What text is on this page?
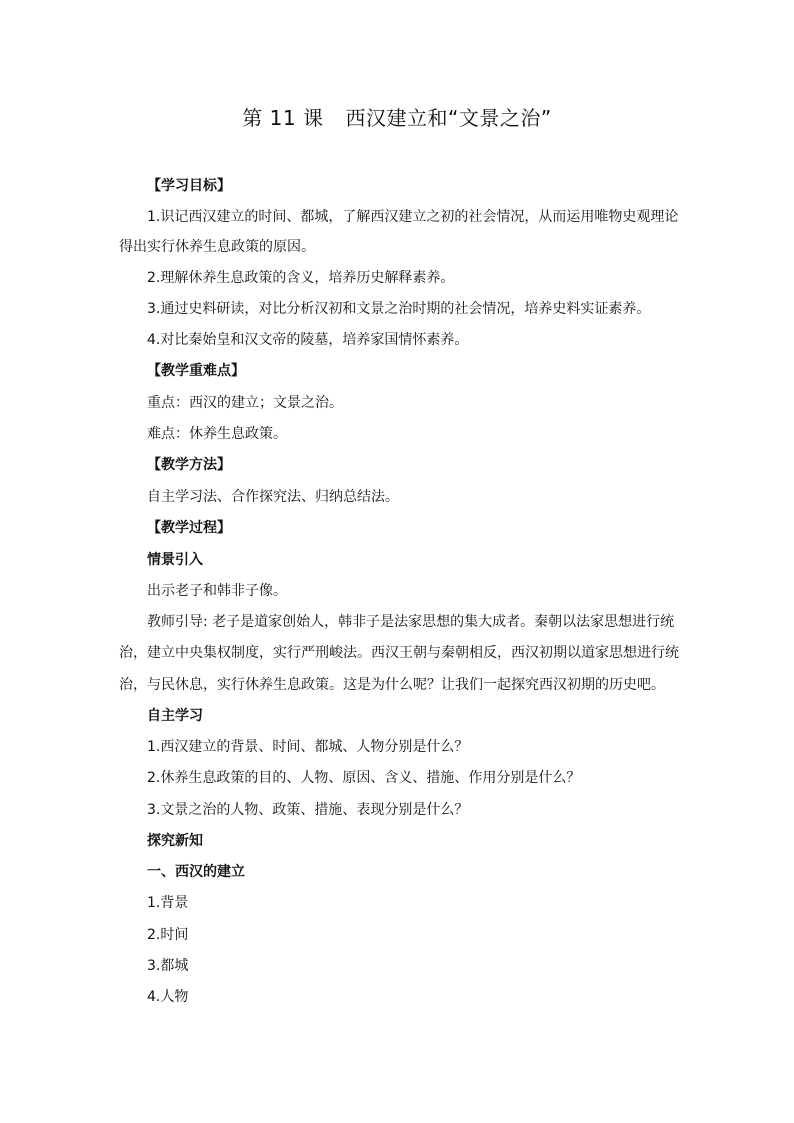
第 11 课 西汉建立和“文景之治”
【学习目标】
1.识记西汉建立的时间、都城，了解西汉建立之初的社会情况，从而运用唯物史观理论
得出实行休养生息政策的原因。
2.理解休养生息政策的含义，培养历史解释素养。
3.通过史料研读，对比分析汉初和文景之治时期的社会情况，培养史料实证素养。
4.对比秦始皇和汉文帝的陵墓，培养家国情怀素养。
【教学重难点】
重点：西汉的建立；文景之治。
难点：休养生息政策。
【教学方法】
自主学习法、合作探究法、归纳总结法。
【教学过程】
情景引入
出示老子和韩非子像。
教师引导: 老子是道家创始人，韩非子是法家思想的集大成者。秦朝以法家思想进行统
治，建立中央集权制度，实行严刑峻法。西汉王朝与秦朝相反，西汉初期以道家思想进行统
治，与民休息，实行休养生息政策。这是为什么呢？让我们一起探究西汉初期的历史吧。
自主学习
1.西汉建立的背景、时间、都城、人物分别是什么？
2.休养生息政策的目的、人物、原因、含义、措施、作用分别是什么？
3.文景之治的人物、政策、措施、表现分别是什么？
探究新知
一、西汉的建立
1.背景
2.时间
3.都城
4.人物
